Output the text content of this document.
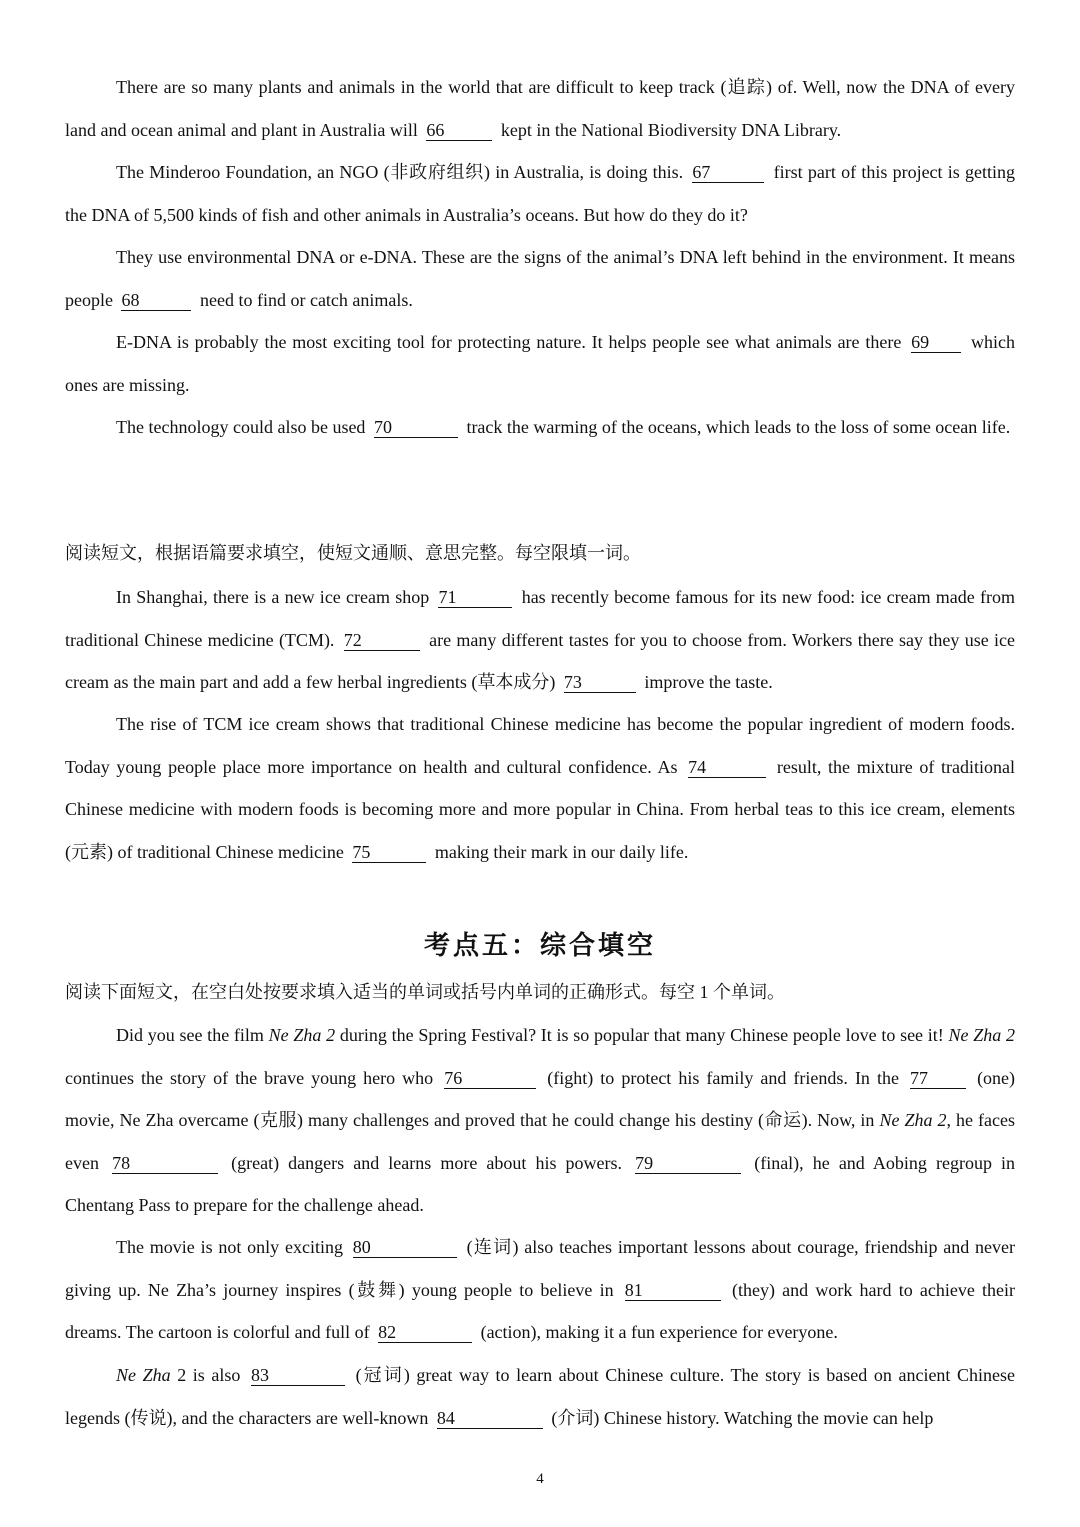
There are so many plants and animals in the world that are difficult to keep track (追踪) of. Well, now the DNA of every land and ocean animal and plant in Australia will 66	kept in the National Biodiversity DNA Library.

The Minderoo Foundation, an NGO (非政府组织) in Australia, is doing this. 67	first part of this project is getting the DNA of 5,500 kinds of fish and other animals in Australia’s oceans. But how do they do it?

They use environmental DNA or e-DNA. These are the signs of the animal’s DNA left behind in the environment. It means people 68	need to find or catch animals.

E-DNA is probably the most exciting tool for protecting nature. It helps people see what animals are there 69 which ones are missing.

The technology could also be used 70	track the warming of the oceans, which leads to the loss of some ocean life.

阅读短文，根据语篇要求填空，使短文通顺、意思完整。每空限填一词。

In Shanghai, there is a new ice cream shop 71	has recently become famous for its new food: ice cream made from traditional Chinese medicine (TCM). 72	are many different tastes for you to choose from. Workers there say they use ice cream as the main part and add a few herbal ingredients (草本成分) 73	improve the taste.

The rise of TCM ice cream shows that traditional Chinese medicine has become the popular ingredient of modern foods. Today young people place more importance on health and cultural confidence. As 74	result, the mixture of traditional Chinese medicine with modern foods is becoming more and more popular in China. From herbal teas to this ice cream, elements (元素) of traditional Chinese medicine 75	making their mark in our daily life.

考点五：综合填空

阅读下面短文，在空白处按要求填入适当的单词或括号内单词的正确形式。每空 1 个单词。

Did you see the film Ne Zha 2 during the Spring Festival? It is so popular that many Chinese people love to see it! Ne Zha 2 continues the story of the brave young hero who 76	(fight) to protect his family and friends. In the 77	(one) movie, Ne Zha overcame (克服) many challenges and proved that he could change his destiny (命运). Now, in Ne Zha 2, he faces even 78	(great) dangers and learns more about his powers. 79	(final), he and Aobing regroup in Chentang Pass to prepare for the challenge ahead.

The movie is not only exciting 80	(连词) also teaches important lessons about courage, friendship and never giving up. Ne Zha’s journey inspires (鼓舞) young people to believe in 81	(they) and work hard to achieve their dreams. The cartoon is colorful and full of 82	(action), making it a fun experience for everyone.

Ne Zha 2 is also 83	(冠词) great way to learn about Chinese culture. The story is based on ancient Chinese legends (传说), and the characters are well-known 84	(介词) Chinese history. Watching the movie can help

4
